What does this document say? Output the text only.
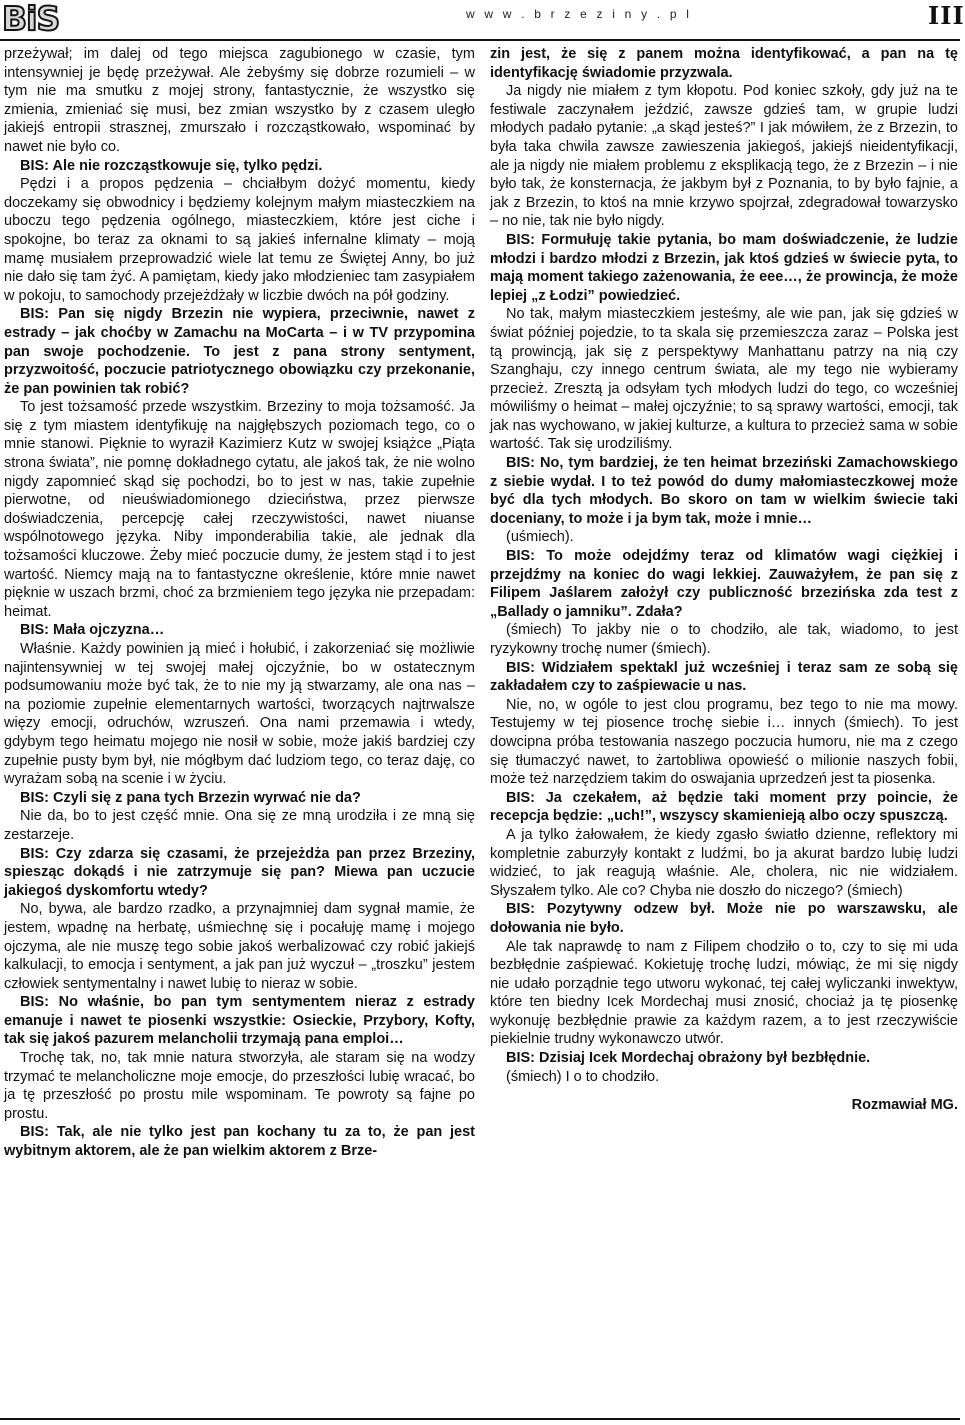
BiS	w w w . b r z e z i n y . p l	III

przeżywał; im dalej od tego miejsca zagubionego w czasie, tym intensywniej je będę przeżywał. Ale żebyśmy się dobrze rozumieli – w tym nie ma smutku z mojej strony, fantastycznie, że wszystko się zmienia, zmieniać się musi, bez zmian wszystko by z czasem uległo jakiejś entropii strasznej, zmurszało i rozcząstkowało, wspominać by nawet nie było co.

BIS: Ale nie rozcząstkowuje się, tylko pędzi.

Pędzi i a propos pędzenia – chciałbym dożyć momentu, kiedy doczekamy się obwodnicy i będziemy kolejnym małym miasteczkiem na uboczu tego pędzenia ogólnego, miasteczkiem, które jest ciche i spokojne, bo teraz za oknami to są jakieś infernalne klimaty – moją mamę musiałem przeprowadzić wiele lat temu ze Świętej Anny, bo już nie dało się tam żyć. A pamiętam, kiedy jako młodzieniec tam zasypiałem w pokoju, to samochody przejeżdżały w liczbie dwóch na pół godziny.

BIS: Pan się nigdy Brzezin nie wypiera, przeciwnie, nawet z estrady – jak choćby w Zamachu na MoCarta – i w TV przypomina pan swoje pochodzenie. To jest z pana strony sentyment, przyzwoitość, poczucie patriotycznego obowiązku czy przekonanie, że pan powinien tak robić?

To jest tożsamość przede wszystkim. Brzeziny to moja tożsamość. Ja się z tym miastem identyfikuję na najgłębszych poziomach tego, co o mnie stanowi. Pięknie to wyraził Kazimierz Kutz w swojej książce „Piąta strona świata”, nie pomnę dokładnego cytatu, ale jakoś tak, że nie wolno nigdy zapomnieć skąd się pochodzi, bo to jest w nas, takie zupełnie pierwotne, od nieuświadomionego dzieciństwa, przez pierwsze doświadczenia, percepcję całej rzeczywistości, nawet niuanse wspólnotowego języka. Niby imponderabilia takie, ale jednak dla tożsamości kluczowe. Żeby mieć poczucie dumy, że jestem stąd i to jest wartość. Niemcy mają na to fantastyczne określenie, które mnie nawet pięknie w uszach brzmi, choć za brzmieniem tego języka nie przepadam: heimat.

BIS: Mała ojczyzna…

Właśnie. Każdy powinien ją mieć i hołubić, i zakorzeniać się możliwie najintensywniej w tej swojej małej ojczyźnie, bo w ostatecznym podsumowaniu może być tak, że to nie my ją stwarzamy, ale ona nas – na poziomie zupełnie elementarnych wartości, tworzących najtrwalsze więzy emocji, odruchów, wzruszeń. Ona nami przemawia i wtedy, gdybym tego heimatu mojego nie nosił w sobie, może jakiś bardziej czy zupełnie pusty bym był, nie mógłbym dać ludziom tego, co teraz daję, co wyrażam sobą na scenie i w życiu.

BIS: Czyli się z pana tych Brzezin wyrwać nie da?

Nie da, bo to jest część mnie. Ona się ze mną urodziła i ze mną się zestarzeje.

BIS: Czy zdarza się czasami, że przejeżdża pan przez Brzeziny, spiesząc dokądś i nie zatrzymuje się pan? Miewa pan uczucie jakiegoś dyskomfortu wtedy?

No, bywa, ale bardzo rzadko, a przynajmniej dam sygnał mamie, że jestem, wpadnę na herbatę, uśmiechnę się i pocałuję mamę i mojego ojczyma, ale nie muszę tego sobie jakoś werbalizować czy robić jakiejś kalkulacji, to emocja i sentyment, a jak pan już wyczuł – „troszku” jestem człowiek sentymentalny i nawet lubię to nieraz w sobie.

BIS: No właśnie, bo pan tym sentymentem nieraz z estrady emanuje i nawet te piosenki wszystkie: Osieckie, Przybory, Kofty, tak się jakoś pazurem melancholii trzymają pana emploi…

Trochę tak, no, tak mnie natura stworzyła, ale staram się na wodzy trzymać te melancholiczne moje emocje, do przeszłości lubię wracać, bo ja tę przeszłość po prostu mile wspominam. Te powroty są fajne po prostu.

BIS: Tak, ale nie tylko jest pan kochany tu za to, że pan jest wybitnym aktorem, ale że pan wielkim aktorem z Brze-

zin jest, że się z panem można identyfikować, a pan na tę identyfikację świadomie przyzwala.

Ja nigdy nie miałem z tym kłopotu. Pod koniec szkoły, gdy już na te festiwale zaczynałem jeździć, zawsze gdzieś tam, w grupie ludzi młodych padało pytanie: „a skąd jesteś?” I jak mówiłem, że z Brzezin, to była taka chwila zawsze zawieszenia jakiegoś, jakiejś nieidentyfikacji, ale ja nigdy nie miałem problemu z eksplikacją tego, że z Brzezin – i nie było tak, że konsternacja, że jakbym był z Poznania, to by było fajnie, a jak z Brzezin, to ktoś na mnie krzywo spojrzał, zdegradował towarzysko – no nie, tak nie było nigdy.

BIS: Formułuję takie pytania, bo mam doświadczenie, że ludzie młodzi i bardzo młodzi z Brzezin, jak ktoś gdzieś w świecie pyta, to mają moment takiego zażenowania, że eee…, że prowincja, że może lepiej „z Łodzi” powiedzieć.

No tak, małym miasteczkiem jesteśmy, ale wie pan, jak się gdzieś w świat później pojedzie, to ta skala się przemieszcza zaraz – Polska jest tą prowincją, jak się z perspektywy Manhattanu patrzy na nią czy Szanghaju, czy innego centrum świata, ale my tego nie wybieramy przecież. Zresztą ja odsyłam tych młodych ludzi do tego, co wcześniej mówiliśmy o heimat – małej ojczyźnie; to są sprawy wartości, emocji, tak jak nas wychowano, w jakiej kulturze, a kultura to przecież sama w sobie wartość. Tak się urodziliśmy.

BIS: No, tym bardziej, że ten heimat brzeziński Zamachowskiego z siebie wydał. I to też powód do dumy małomiasteczkowej może być dla tych młodych. Bo skoro on tam w wielkim świecie taki doceniany, to może i ja bym tak, może i mnie…

(uśmiech).

BIS: To może odejdźmy teraz od klimatów wagi ciężkiej i przejdźmy na koniec do wagi lekkiej. Zauważyłem, że pan się z Filipem Jaślarem założył czy publiczność brzezińska zda test z „Ballady o jamniku”. Zdała?

(śmiech) To jakby nie o to chodziło, ale tak, wiadomo, to jest ryzykowny trochę numer (śmiech).

BIS: Widziałem spektakl już wcześniej i teraz sam ze sobą się zakładałem czy to zaśpiewacie u nas.

Nie, no, w ogóle to jest clou programu, bez tego to nie ma mowy. Testujemy w tej piosence trochę siebie i… innych (śmiech). To jest dowcipna próba testowania naszego poczucia humoru, nie ma z czego się tłumaczyć nawet, to żartobliwa opowieść o milionie naszych fobii, może też narzędziem takim do oswajania uprzedzeń jest ta piosenka.

BIS: Ja czekałem, aż będzie taki moment przy poincie, że recepcja będzie: „uch!”, wszyscy skamienieją albo oczy spuszczą.

A ja tylko żałowałem, że kiedy zgasło światło dzienne, reflektory mi kompletnie zaburzyły kontakt z ludźmi, bo ja akurat bardzo lubię ludzi widzieć, to jak reagują właśnie. Ale, cholera, nic nie widziałem. Słyszałem tylko. Ale co? Chyba nie doszło do niczego? (śmiech)

BIS: Pozytywny odzew był. Może nie po warszawsku, ale dołowania nie było.

Ale tak naprawdę to nam z Filipem chodziło o to, czy to się mi uda bezbłędnie zaśpiewać. Kokietuję trochę ludzi, mówiąc, że mi się nigdy nie udało porządnie tego utworu wykonać, tej całej wyliczanki inwektyw, które ten biedny Icek Mordechaj musi znosić, chociaż ja tę piosenkę wykonuję bezbłędnie prawie za każdym razem, a to jest rzeczywiście piekielnie trudny wykonawczo utwór.

BIS: Dzisiaj Icek Mordechaj obrażony był bezbłędnie.

(śmiech) I o to chodziło.

Rozmawiał MG.
